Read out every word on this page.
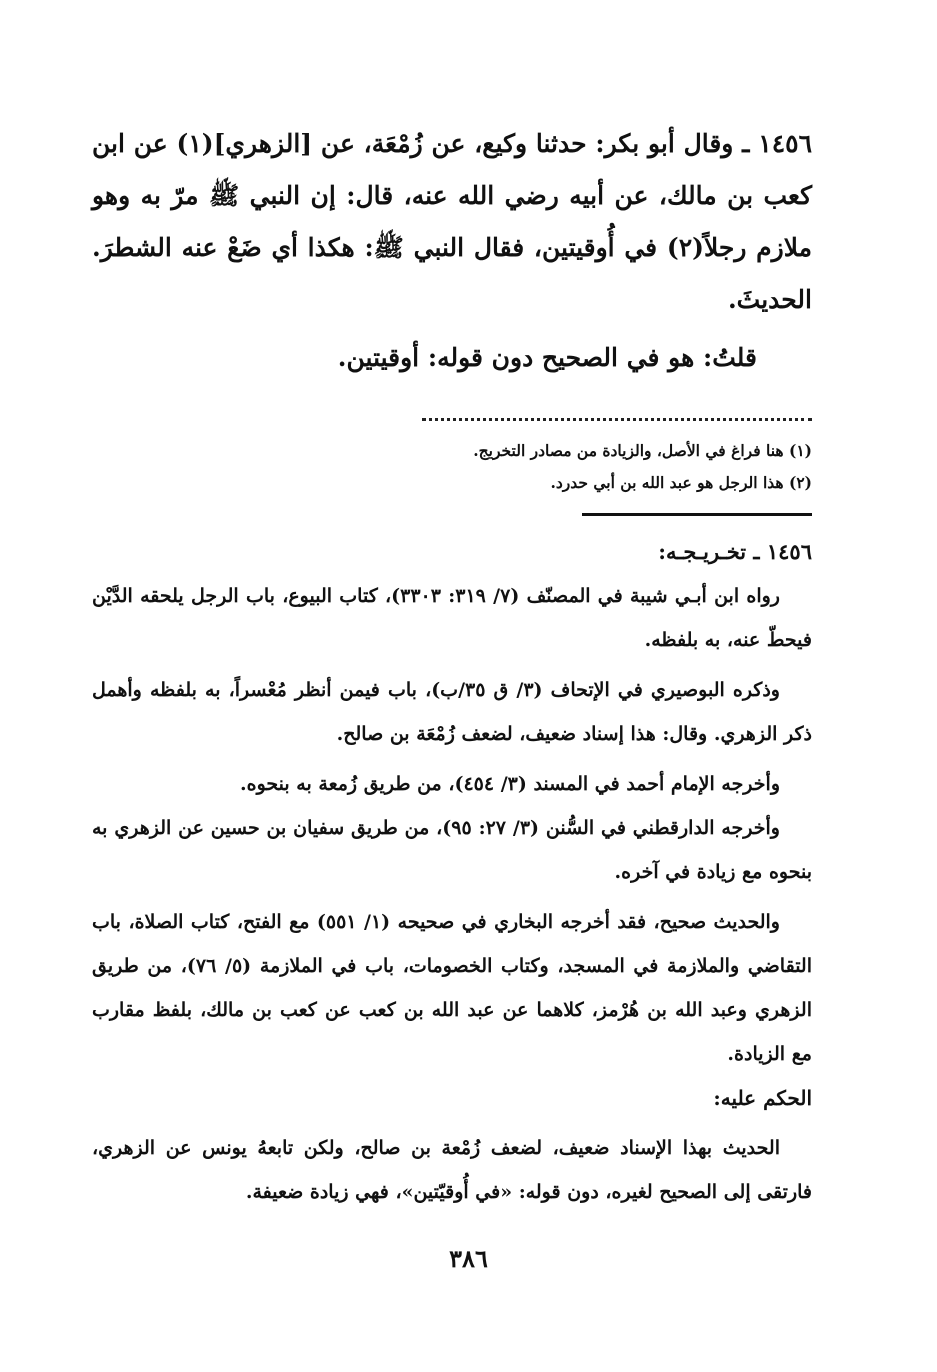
١٤٥٦ ـ وقال أبو بكر: حدثنا وكيع، عن زُمْعَة، عن [الزهري](١) عن ابن كعب بن مالك، عن أبيه رضي الله عنه، قال: إن النبي ﷺ مرّ به وهو ملازم رجلاً(٢) في أُوقيتين، فقال النبي ﷺ: هكذا أي ضَعْ عنه الشطرَ. الحديثَ.

قلتُ: هو في الصحيح دون قوله: أوقيتين.

(١) هنا فراغ في الأصل، والزيادة من مصادر التخريج.
(٢) هذا الرجل هو عبد الله بن أبي حدرد.
١٤٥٦ ـ تخـريـجـه:

رواه ابن أبـي شيبة في المصنّف (٧/ ٣١٩: ٣٣٠٣)، كتاب البيوع، باب الرجل يلحقه الدَّيْن فيحطّ عنه، به بلفظه.

وذكره البوصيري في الإتحاف (٣/ ق ٣٥/ب)، باب فيمن أنظر مُعْسراً، به بلفظه وأهمل ذكر الزهري. وقال: هذا إسناد ضعيف، لضعف زُمْعَة بن صالح.

وأخرجه الإمام أحمد في المسند (٣/ ٤٥٤)، من طريق زُمعة به بنحوه.

وأخرجه الدارقطني في السُّنن (٣/ ٢٧: ٩٥)، من طريق سفيان بن حسين عن الزهري به بنحوه مع زيادة في آخره.

والحديث صحيح، فقد أخرجه البخاري في صحيحه (١/ ٥٥١) مع الفتح، كتاب الصلاة، باب التقاضي والملازمة في المسجد، وكتاب الخصومات، باب في الملازمة (٥/ ٧٦)، من طريق الزهري وعبد الله بن هُرْمز، كلاهما عن عبد الله بن كعب عن كعب بن مالك، بلفظ مقارب مع الزيادة.

الحكم عليه:

الحديث بهذا الإسناد ضعيف، لضعف زُمْعة بن صالح، ولكن تابعهُ يونس عن الزهري، فارتقى إلى الصحيح لغيره، دون قوله: «في أُوقيّتين»، فهي زيادة ضعيفة.

٣٨٦
